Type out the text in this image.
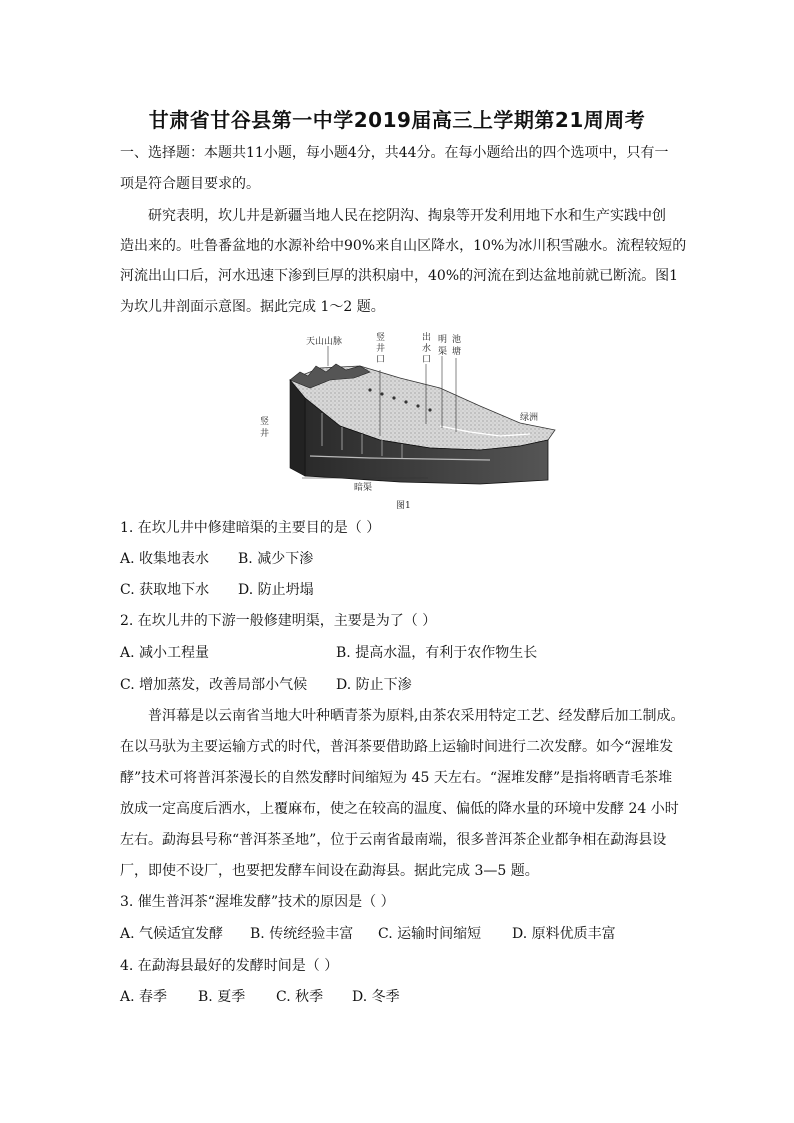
甘肃省甘谷县第一中学2019届高三上学期第21周周考
一、选择题：本题共11小题，每小题4分，共44分。在每小题给出的四个选项中，只有一
项是符合题目要求的。
研究表明，坎儿井是新疆当地人民在挖阴沟、掏泉等开发利用地下水和生产实践中创
造出来的。吐鲁番盆地的水源补给中90%来自山区降水，10%为冰川积雪融水。流程较短的
河流出山口后，河水迅速下渗到巨厚的洪积扇中，40%的河流在到达盆地前就已断流。图1
为坎儿井剖面示意图。据此完成 1～2 题。
天山山脉	竖
井
口
出
水
口
明
渠
池
塘
绿洲
竖
井
暗渠
图1
1. 在坎儿井中修建暗渠的主要目的是（ ）
A. 收集地表水 B. 减少下渗
C. 获取地下水 D. 防止坍塌
2. 在坎儿井的下游一般修建明渠，主要是为了（ ）
A. 减小工程量	B. 提高水温，有利于农作物生长
C. 增加蒸发，改善局部小气候 D. 防止下渗
普洱幕是以云南省当地大叶种晒青茶为原料,由茶农采用特定工艺、经发酵后加工制成。
在以马驮为主要运输方式的时代，普洱茶要借助路上运输时间进行二次发酵。如今“渥堆发
酵”技术可将普洱茶漫长的自然发酵时间缩短为 45 天左右。“渥堆发酵”是指将晒青毛茶堆
放成一定高度后洒水，上覆麻布，使之在较高的温度、偏低的降水量的环境中发酵 24 小时
左右。勐海县号称“普洱茶圣地”，位于云南省最南端，很多普洱茶企业都争相在勐海县设
厂，即使不设厂，也要把发酵车间设在勐海县。据此完成 3—5 题。
3. 催生普洱茶“渥堆发酵”技术的原因是（ ）
A. 气候适宜发酵 B. 传统经验丰富 C. 运输时间缩短 D. 原料优质丰富
4. 在勐海县最好的发酵时间是（ ）
A. 春季 B. 夏季 C. 秋季 D. 冬季
